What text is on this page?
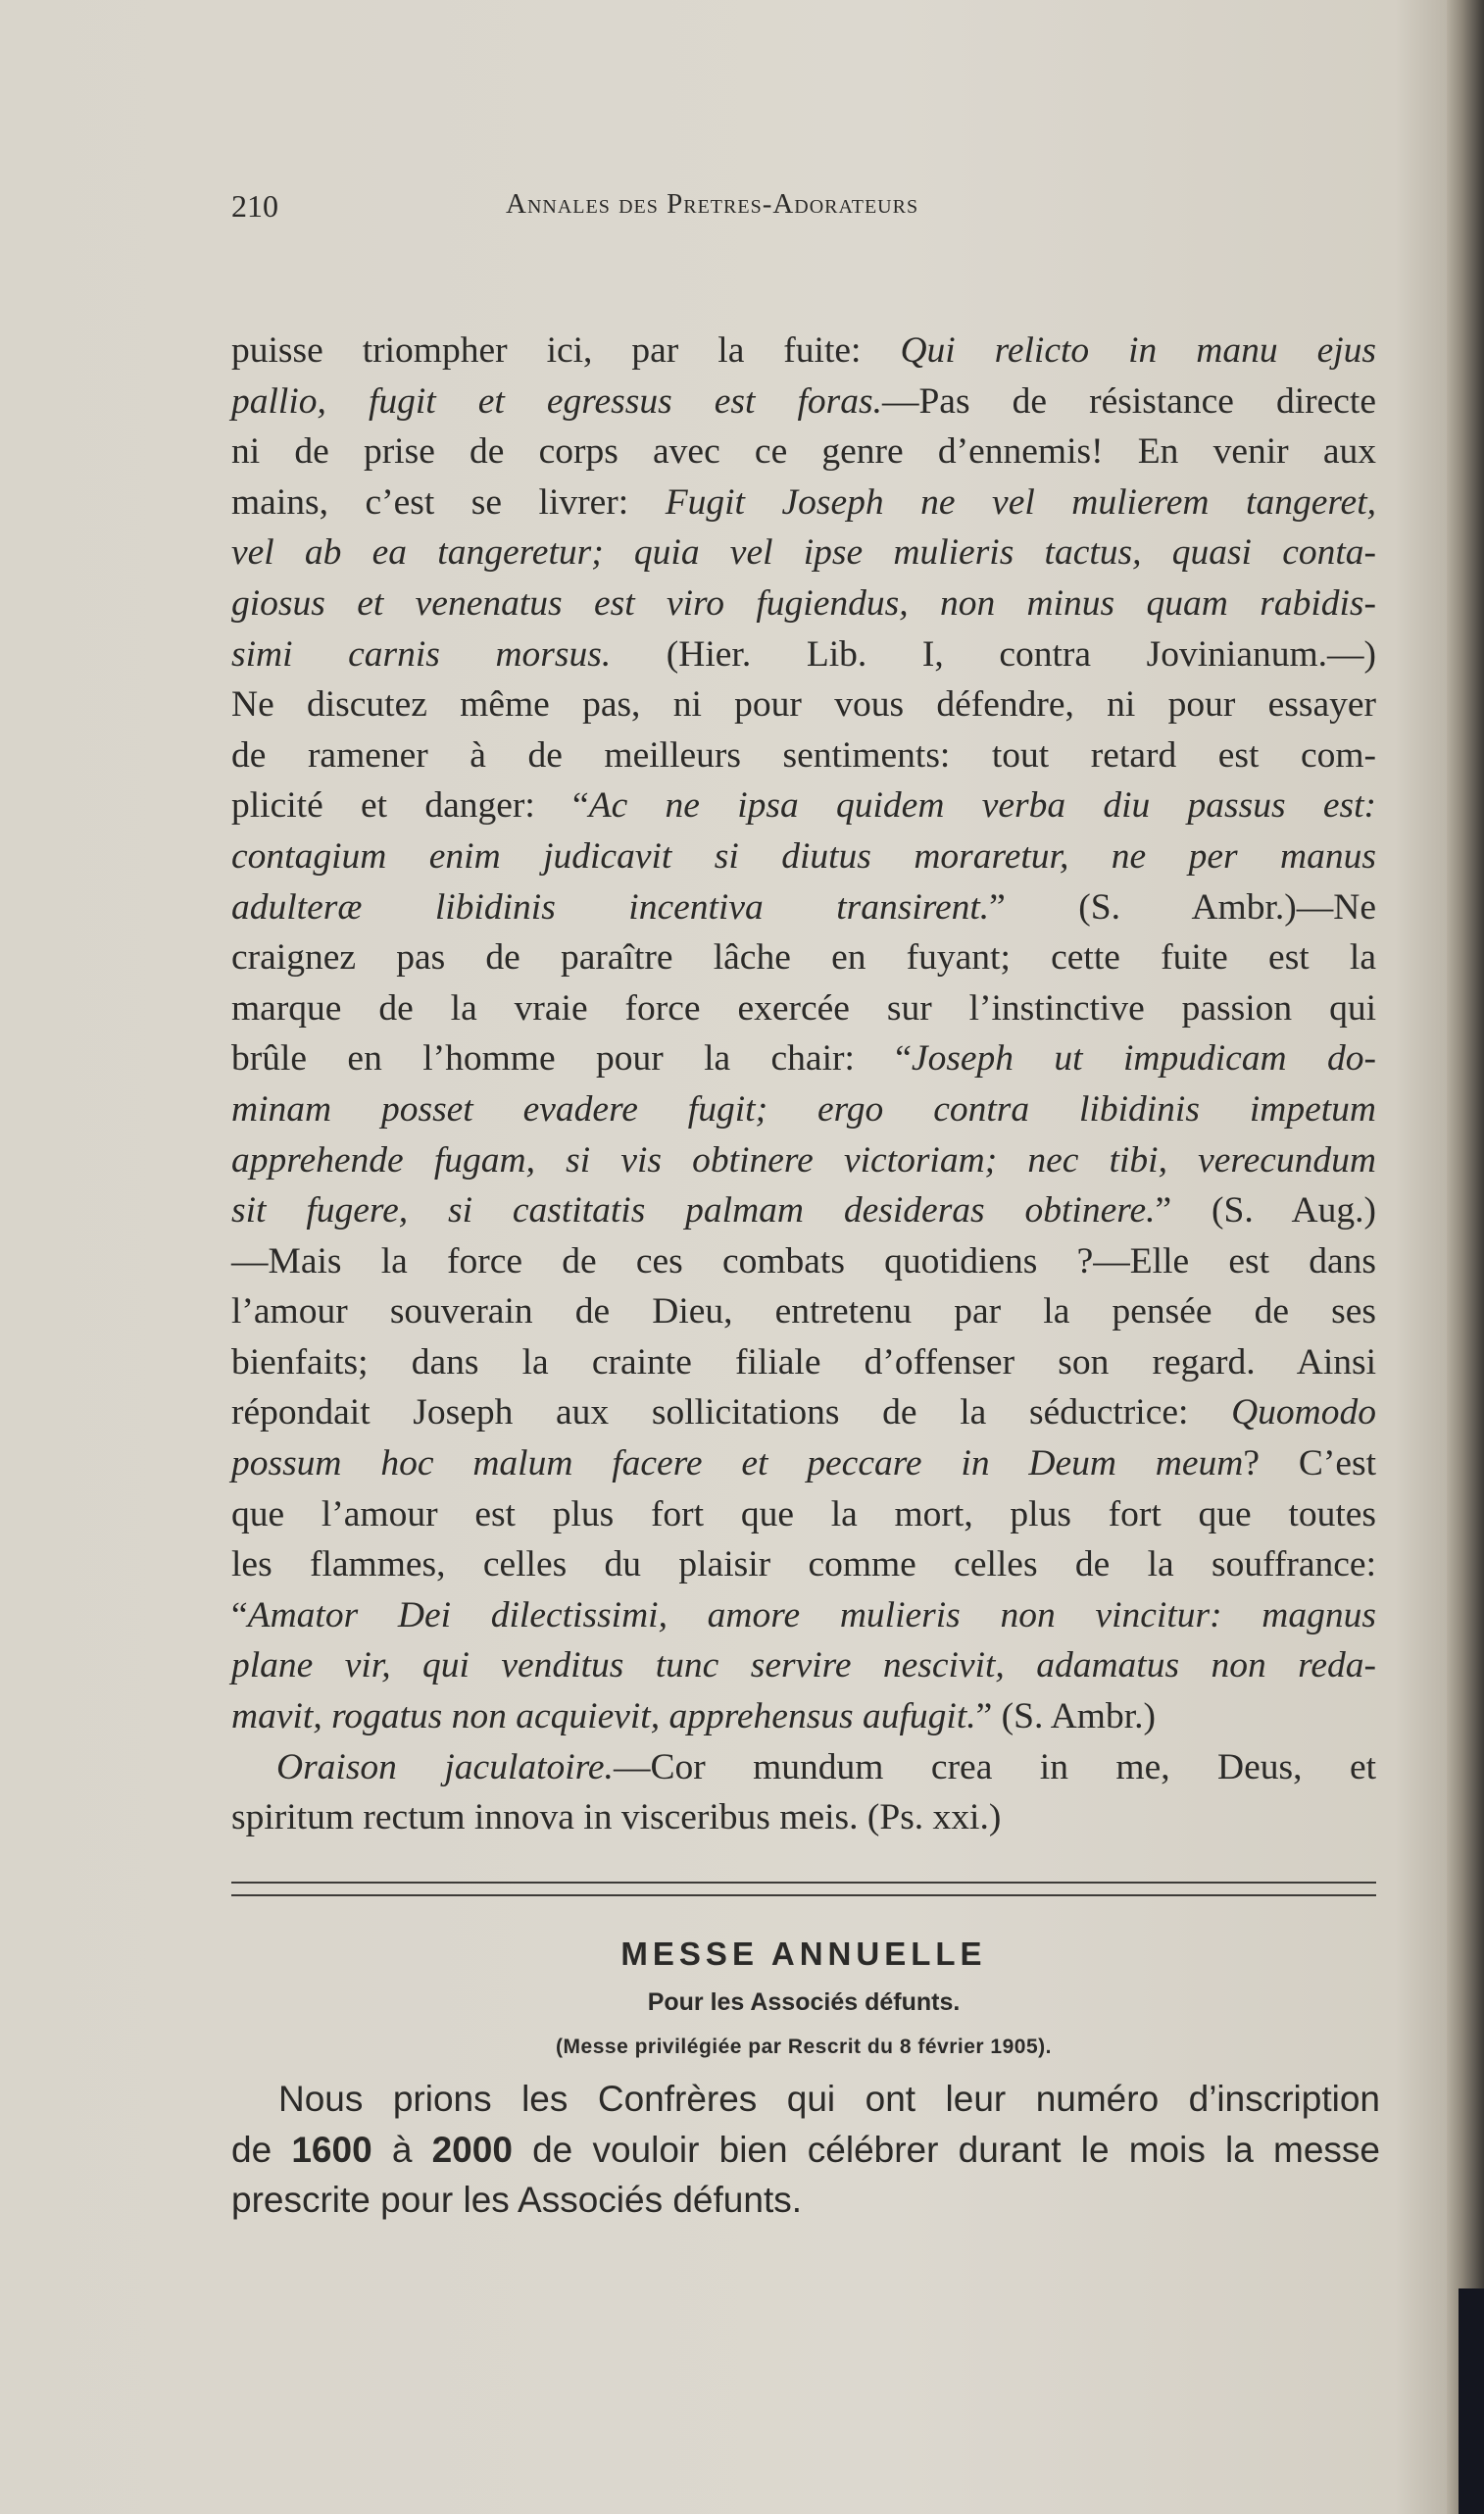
210	Annales des Pretres-Adorateurs
puisse triompher ici, par la fuite: Qui relicto in manu ejus
pallio, fugit et egressus est foras.—Pas de résistance directe
ni de prise de corps avec ce genre d’ennemis! En venir aux
mains, c’est se livrer: Fugit Joseph ne vel mulierem tangeret,
vel ab ea tangeretur; quia vel ipse mulieris tactus, quasi conta-
giosus et venenatus est viro fugiendus, non minus quam rabidis-
simi carnis morsus. (Hier. Lib. I, contra Jovinianum.—)
Ne discutez même pas, ni pour vous défendre, ni pour essayer
de ramener à de meilleurs sentiments: tout retard est com-
plicité et danger: “Ac ne ipsa quidem verba diu passus est:
contagium enim judicavit si diutus moraretur, ne per manus
adulteræ libidinis incentiva transirent.” (S. Ambr.)—Ne
craignez pas de paraître lâche en fuyant; cette fuite est la
marque de la vraie force exercée sur l’instinctive passion qui
brûle en l’homme pour la chair: “Joseph ut impudicam do-
minam posset evadere fugit; ergo contra libidinis impetum
apprehende fugam, si vis obtinere victoriam; nec tibi, verecundum
sit fugere, si castitatis palmam desideras obtinere.” (S. Aug.)
—Mais la force de ces combats quotidiens ?—Elle est dans
l’amour souverain de Dieu, entretenu par la pensée de ses
bienfaits; dans la crainte filiale d’offenser son regard. Ainsi
répondait Joseph aux sollicitations de la séductrice: Quomodo
possum hoc malum facere et peccare in Deum meum? C’est
que l’amour est plus fort que la mort, plus fort que toutes
les flammes, celles du plaisir comme celles de la souffrance:
“Amator Dei dilectissimi, amore mulieris non vincitur: magnus
plane vir, qui venditus tunc servire nescivit, adamatus non reda-
mavit, rogatus non acquievit, apprehensus aufugit.” (S. Ambr.)
Oraison jaculatoire.—Cor mundum crea in me, Deus, et
spiritum rectum innova in visceribus meis. (Ps. xxi.)
MESSE ANNUELLE
Pour les Associés défunts.
(Messe privilégiée par Rescrit du 8 février 1905).
Nous prions les Confrères qui ont leur numéro d’inscription
de 1600 à 2000 de vouloir bien célébrer durant le mois la messe
prescrite pour les Associés défunts.
